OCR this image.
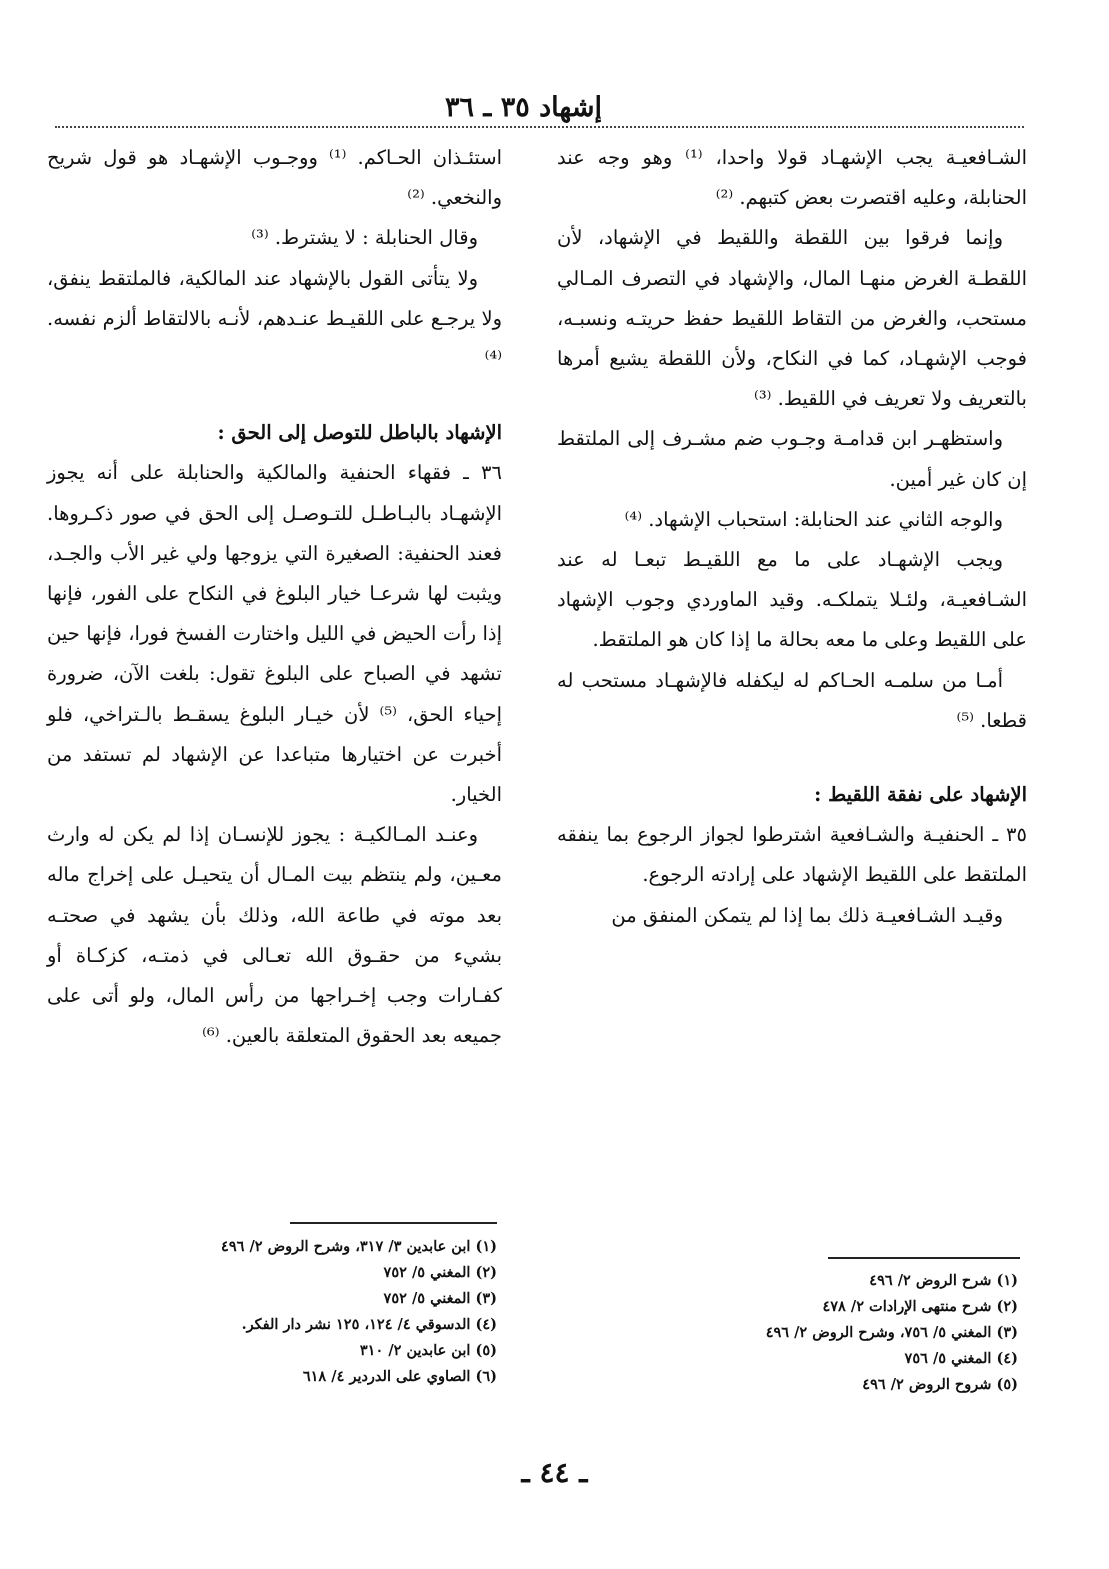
إشهاد ٣٥ ـ ٣٦

الشـافعيـة يجب الإشهـاد قولا واحدا، ⁽¹⁾ وهو وجه عند الحنابلة، وعليه اقتصرت بعض كتبهم. ⁽²⁾

وإنما فرقوا بين اللقطة واللقيط في الإشهاد، لأن اللقطـة الغرض منهـا المال، والإشهاد في التصرف المـالي مستحب، والغرض من التقاط اللقيط حفظ حريتـه ونسبـه، فوجب الإشهـاد، كما في النكاح، ولأن اللقطة يشيع أمرها بالتعريف ولا تعريف في اللقيط. ⁽³⁾

واستظهـر ابن قدامـة وجـوب ضم مشـرف إلى الملتقط إن كان غير أمين.

والوجه الثاني عند الحنابلة: استحباب الإشهاد. ⁽⁴⁾

ويجب الإشهـاد على ما مع اللقيـط تبعـا له عند الشـافعيـة، ولئـلا يتملكـه. وقيد الماوردي وجوب الإشهاد على اللقيط وعلى ما معه بحالة ما إذا كان هو الملتقط.

أمـا من سلمـه الحـاكم له ليكفله فالإشهـاد مستحب له قطعا. ⁽⁵⁾

الإشهاد على نفقة اللقيط :

٣٥ ـ الحنفيـة والشـافعية اشترطوا لجواز الرجوع بما ينفقه الملتقط على اللقيط الإشهاد على إرادته الرجوع.

وقيـد الشـافعيـة ذلك بما إذا لم يتمكن المنفق من

استئـذان الحـاكم. ⁽¹⁾ ووجـوب الإشهـاد هو قول شريح والنخعي. ⁽²⁾

وقال الحنابلة : لا يشترط. ⁽³⁾

ولا يتأتى القول بالإشهاد عند المالكية، فالملتقط ينفق، ولا يرجـع على اللقيـط عنـدهم، لأنـه بالالتقاط ألزم نفسه. ⁽⁴⁾

الإشهاد بالباطل للتوصل إلى الحق :

٣٦ ـ فقهاء الحنفية والمالكية والحنابلة على أنه يجوز الإشهـاد بالبـاطـل للتـوصـل إلى الحق في صور ذكـروها. فعند الحنفية: الصغيرة التي يزوجها ولي غير الأب والجـد، ويثبت لها شرعـا خيار البلوغ في النكاح على الفور، فإنها إذا رأت الحيض في الليل واختارت الفسخ فورا، فإنها حين تشهد في الصباح على البلوغ تقول: بلغت الآن، ضرورة إحياء الحق، ⁽⁵⁾ لأن خيـار البلوغ يسقـط بالـتراخي، فلو أخبرت عن اختيارها متباعدا عن الإشهاد لم تستفد من الخيار.

وعنـد المـالكيـة : يجوز للإنسـان إذا لم يكن له وارث معـين، ولم ينتظم بيت المـال أن يتحيـل على إخراج ماله بعد موته في طاعة الله، وذلك بأن يشهد في صحتـه بشيء من حقـوق الله تعـالى في ذمتـه، كزكـاة أو كفـارات وجب إخـراجها من رأس المال، ولو أتى على جميعه بعد الحقوق المتعلقة بالعين. ⁽⁶⁾

(١) شرح الروض ٢/ ٤٩٦
(٢) شرح منتهى الإرادات ٢/ ٤٧٨
(٣) المغني ٥/ ٧٥٦، وشرح الروض ٢/ ٤٩٦
(٤) المغني ٥/ ٧٥٦
(٥) شروح الروض ٢/ ٤٩٦
(١) ابن عابدين ٣/ ٣١٧، وشرح الروض ٢/ ٤٩٦
(٢) المغني ٥/ ٧٥٢
(٣) المغني ٥/ ٧٥٢
(٤) الدسوقي ٤/ ١٢٤، ١٢٥ نشر دار الفكر.
(٥) ابن عابدين ٢/ ٣١٠
(٦) الصاوي على الدردير ٤/ ٦١٨
ـ ٤٤ ـ
